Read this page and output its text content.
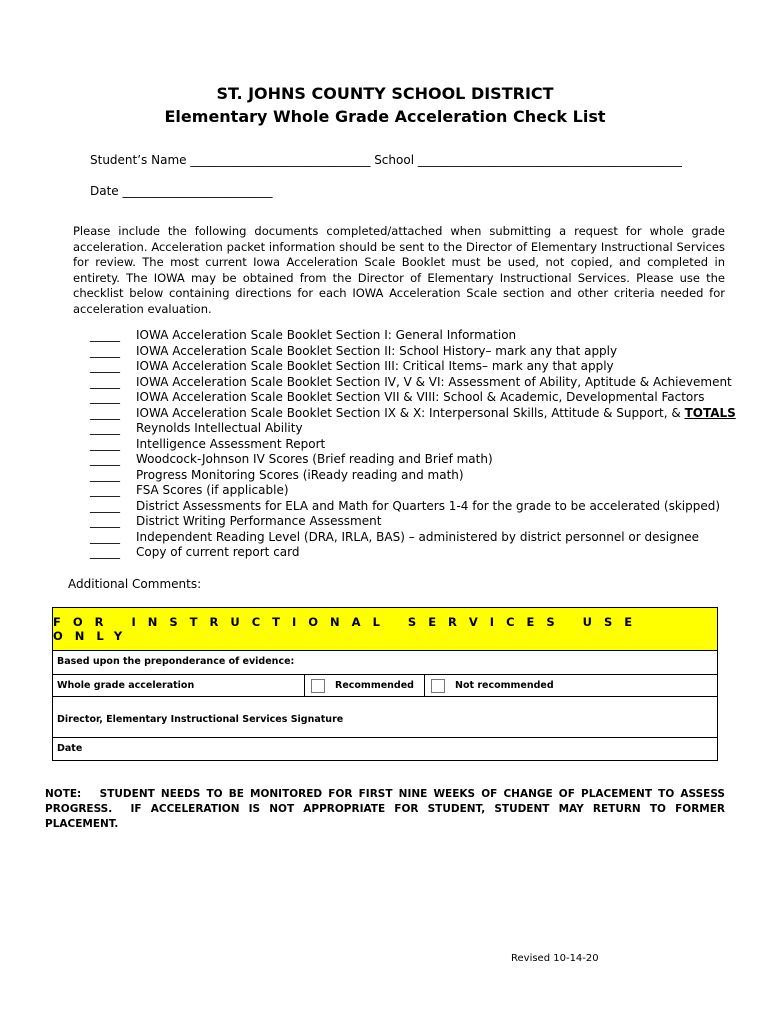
ST. JOHNS COUNTY SCHOOL DISTRICT
Elementary Whole Grade Acceleration Check List
Student’s Name ______________________________ School ____________________________________________
Date _________________________
Please include the following documents completed/attached when submitting a request for whole grade acceleration. Acceleration packet information should be sent to the Director of Elementary Instructional Services for review. The most current Iowa Acceleration Scale Booklet must be used, not copied, and completed in entirety. The IOWA may be obtained from the Director of Elementary Instructional Services. Please use the checklist below containing directions for each IOWA Acceleration Scale section and other criteria needed for acceleration evaluation.
_____	IOWA Acceleration Scale Booklet Section I: General Information
_____	IOWA Acceleration Scale Booklet Section II: School History– mark any that apply
_____	IOWA Acceleration Scale Booklet Section III: Critical Items– mark any that apply
_____	IOWA Acceleration Scale Booklet Section IV, V & VI: Assessment of Ability, Aptitude & Achievement
_____	IOWA Acceleration Scale Booklet Section VII & VIII: School & Academic, Developmental Factors
_____	IOWA Acceleration Scale Booklet Section IX & X: Interpersonal Skills, Attitude & Support, & TOTALS
_____	Reynolds Intellectual Ability
_____	Intelligence Assessment Report
_____	Woodcock-Johnson IV Scores (Brief reading and Brief math)
_____	Progress Monitoring Scores (iReady reading and math)
_____	FSA Scores (if applicable)
_____	District Assessments for ELA and Math for Quarters 1-4 for the grade to be accelerated (skipped)
_____	District Writing Performance Assessment
_____	Independent Reading Level (DRA, IRLA, BAS) – administered by district personnel or designee
_____	Copy of current report card
Additional Comments:
FOR INSTRUCTIONAL SERVICES USE ONLY
Based upon the preponderance of evidence:
Whole grade acceleration	Recommended	Not recommended
Director, Elementary Instructional Services Signature
Date
NOTE:   STUDENT NEEDS TO BE MONITORED FOR FIRST NINE WEEKS OF CHANGE OF PLACEMENT TO ASSESS PROGRESS.  IF ACCELERATION IS NOT APPROPRIATE FOR STUDENT, STUDENT MAY RETURN TO FORMER PLACEMENT.
Revised 10-14-20
